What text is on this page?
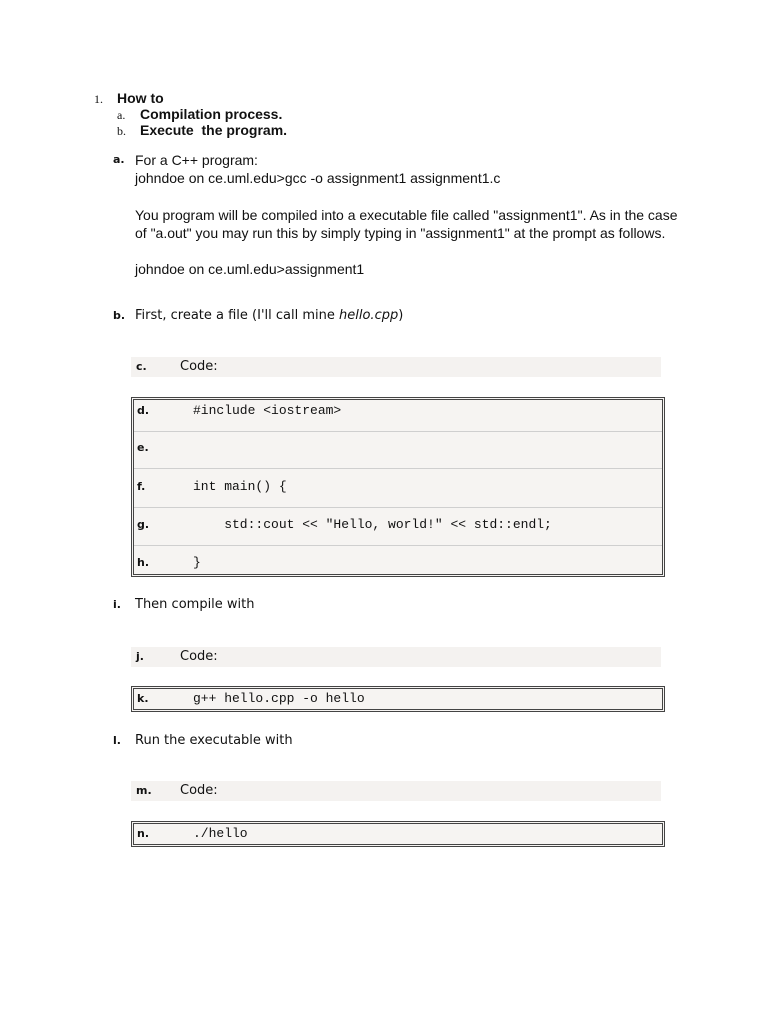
1. How to
a. Compilation process.
b. Execute  the program.
a. For a C++ program:
johndoe on ce.uml.edu>gcc -o assignment1 assignment1.c
You program will be compiled into a executable file called "assignment1". As in the case
of "a.out" you may run this by simply typing in "assignment1" at the prompt as follows.
johndoe on ce.uml.edu>assignment1
b. First, create a file (I'll call mine hello.cpp)
c.	Code:
d.	#include <iostream>
e.
f.	int main() {
g.	std::cout << "Hello, world!" << std::endl;
h.	}
i. Then compile with
j.	Code:
k.	g++ hello.cpp -o hello
l. Run the executable with
m. Code:
n.	./hello
